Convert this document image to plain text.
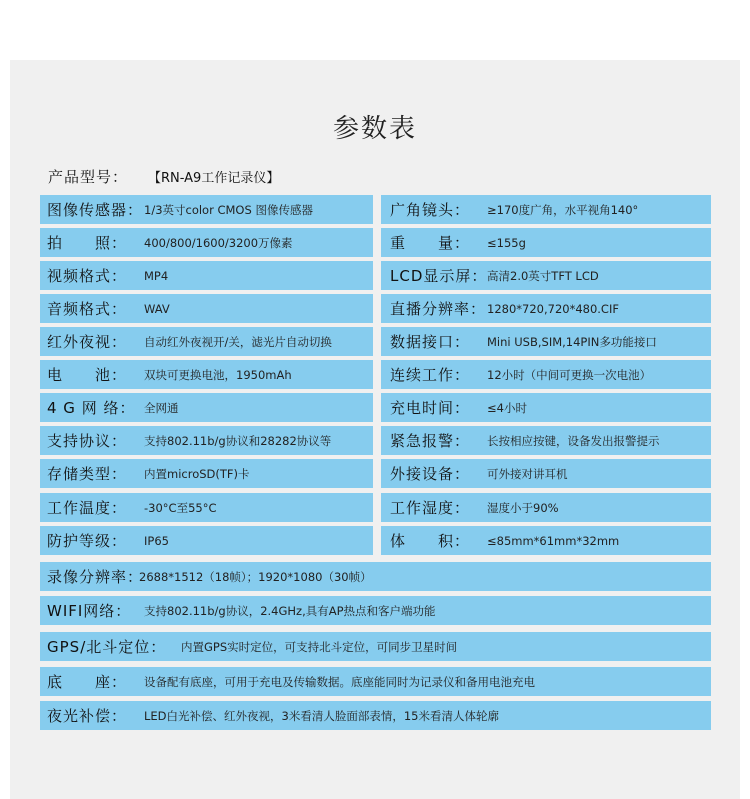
参数表
产品型号：	【RN-A9工作记录仪】
图像传感器： 1/3英寸color CMOS 图像传感器	广角镜头：	≥170度广角，水平视角140°
拍　　照：	400/800/1600/3200万像素	重　　量：	≤155g
视频格式：	MP4	LCD显示屏： 高清2.0英寸TFT LCD
音频格式：	WAV	直播分辨率： 1280*720,720*480.CIF
红外夜视：	自动红外夜视开/关，滤光片自动切换	数据接口：	Mini USB,SIM,14PIN多功能接口
电　　池：	双块可更换电池，1950mAh	连续工作：	12小时（中间可更换一次电池）
4 G 网 络： 全网通	充电时间：	≤4小时
支持协议：	支持802.11b/g协议和28282协议等	紧急报警：	长按相应按键，设备发出报警提示
存储类型：	内置microSD(TF)卡	外接设备：	可外接对讲耳机
工作温度：	-30°C至55°C	工作湿度：	湿度小于90%
防护等级：	IP65	体　　积：	≤85mm*61mm*32mm
录像分辨率：
2688*1512（18帧）；1920*1080（30帧）
WIFI网络：	支持802.11b/g协议，2.4GHz,具有AP热点和客户端功能
GPS/北斗定位：	内置GPS实时定位，可支持北斗定位，可同步卫星时间
底　　座：	设备配有底座，可用于充电及传输数据。底座能同时为记录仪和备用电池充电
夜光补偿：	LED白光补偿、红外夜视，3米看清人脸面部表情，15米看清人体轮廓
